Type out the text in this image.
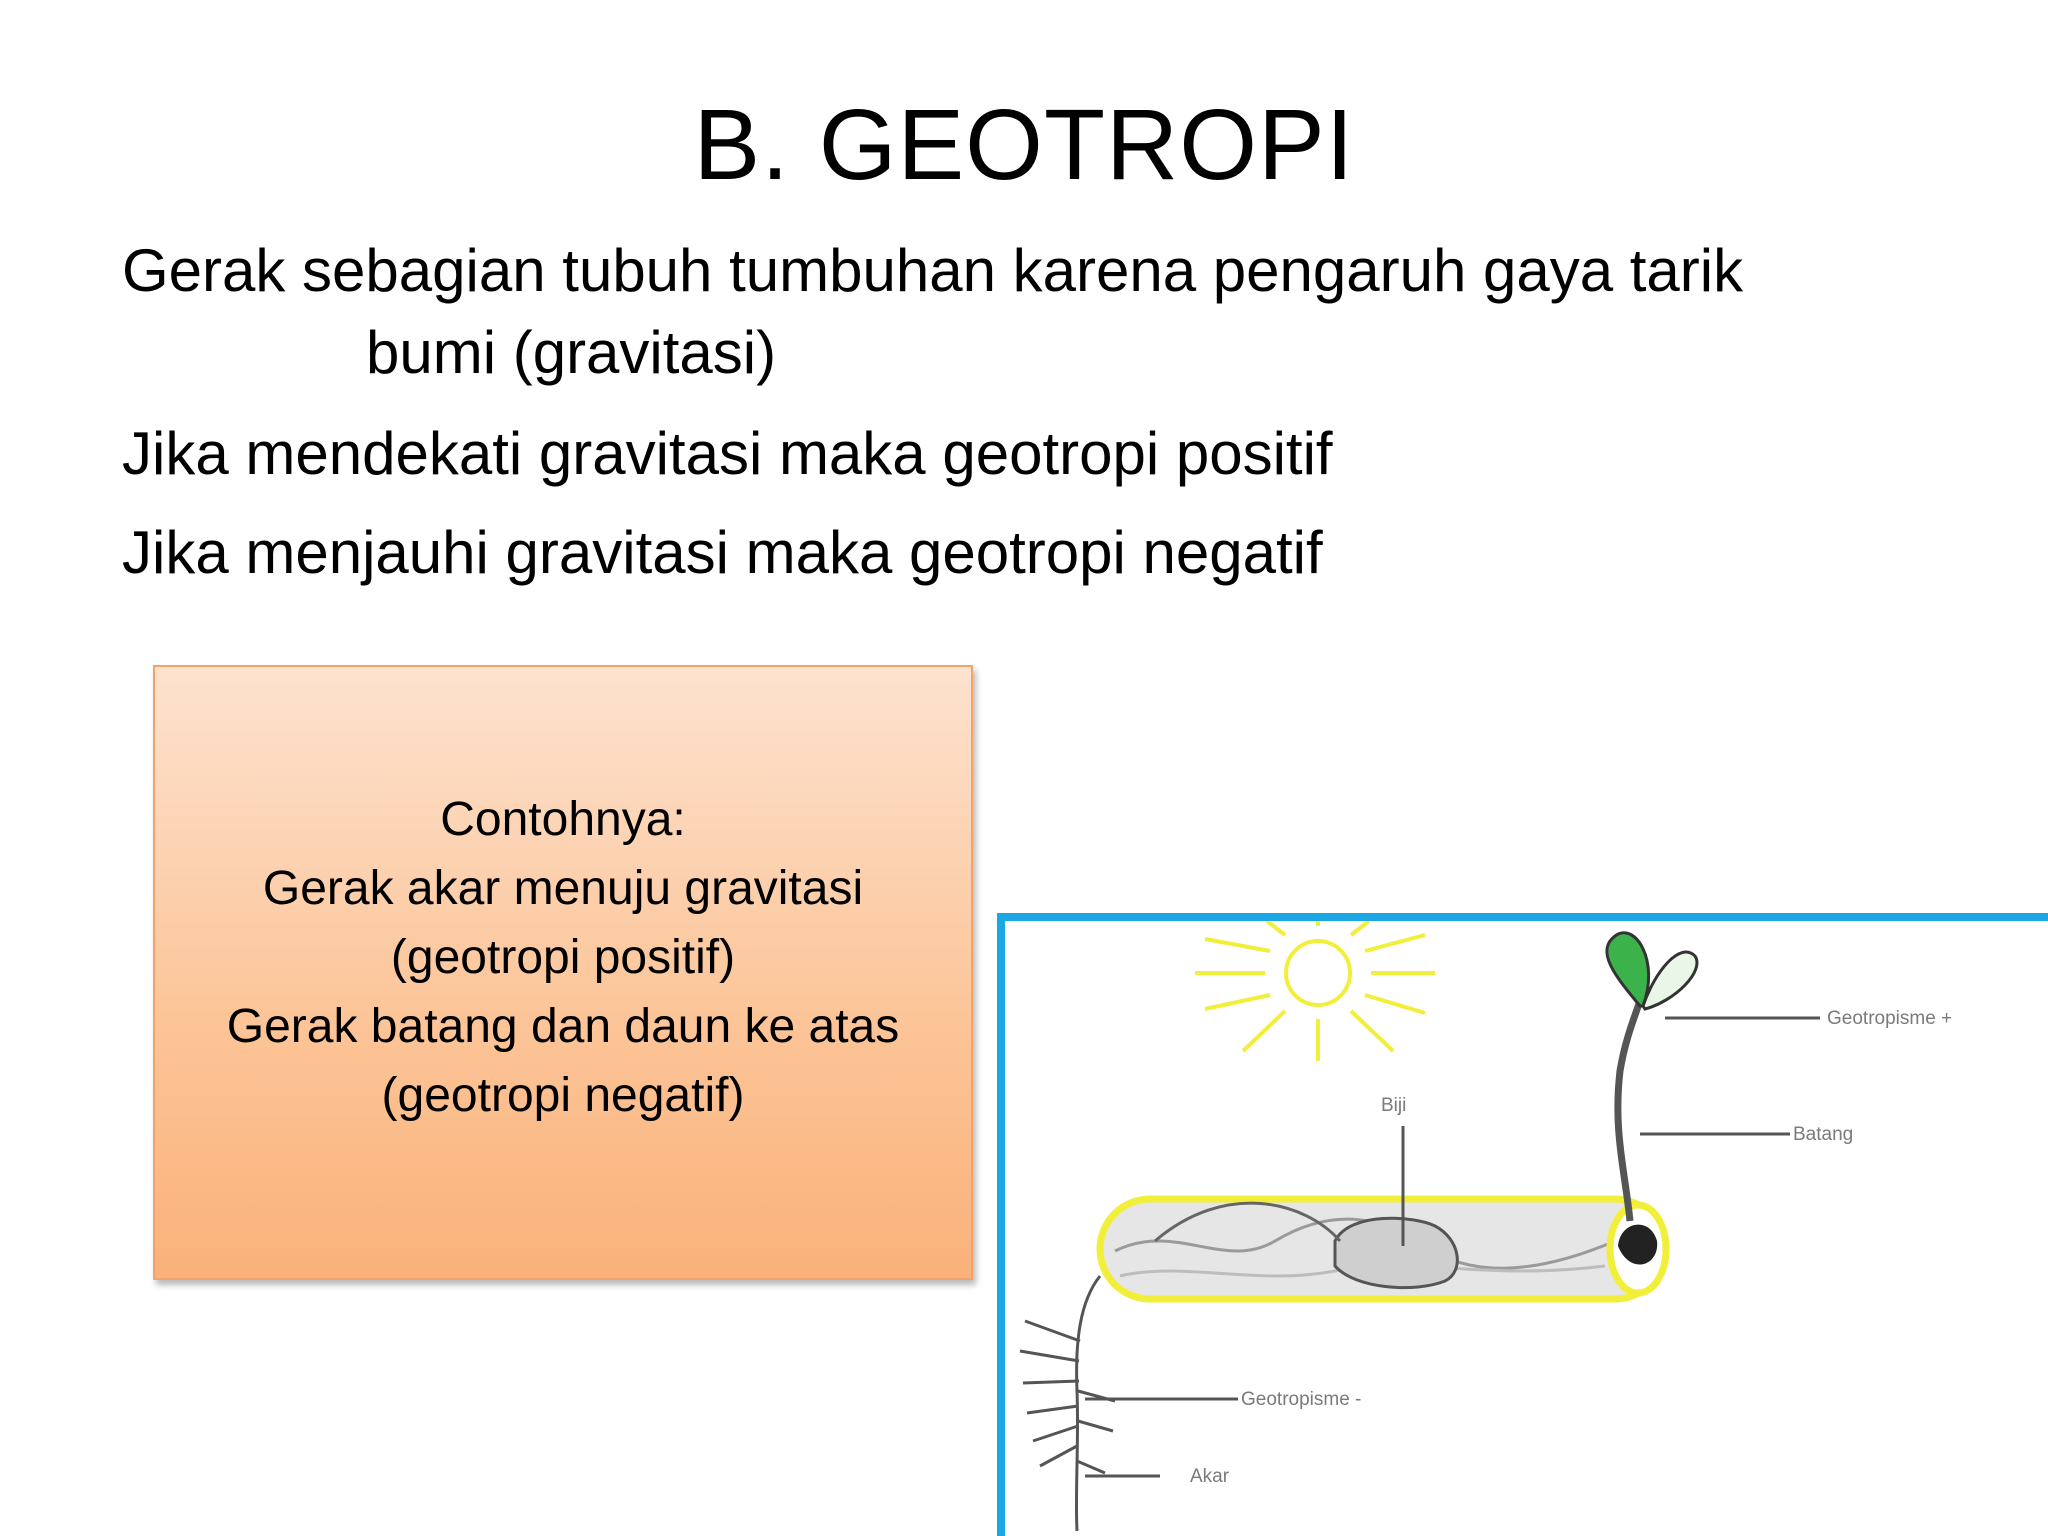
B. GEOTROPI
Gerak sebagian tubuh tumbuhan karena pengaruh gaya tarik
bumi (gravitasi)
Jika mendekati gravitasi maka geotropi positif
Jika menjauhi gravitasi maka geotropi negatif
Contohnya:
Gerak akar menuju gravitasi
(geotropi positif)
Gerak batang dan daun ke atas
(geotropi negatif)
Geotropisme +
Batang
Biji
Geotropisme -
Akar
